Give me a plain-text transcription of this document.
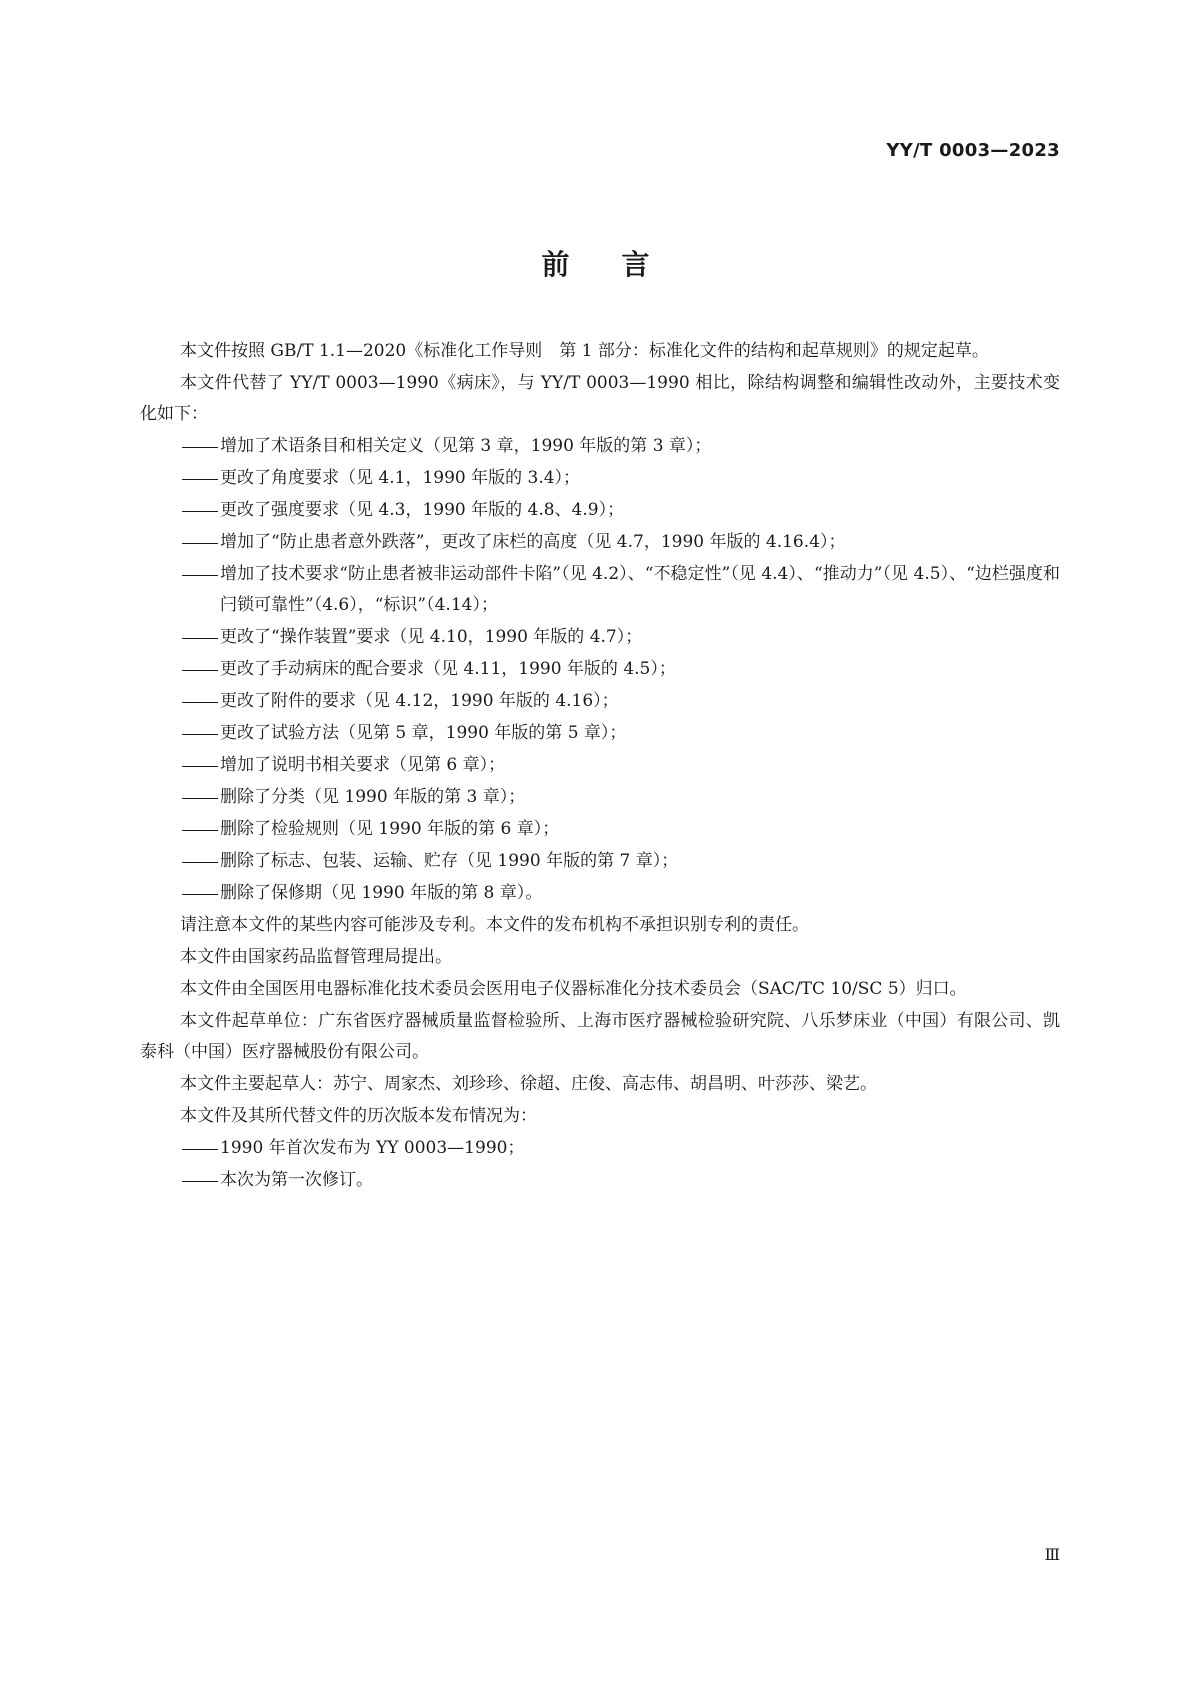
YY/T 0003—2023
前言

本文件按照 GB/T 1.1—2020《标准化工作导则　第 1 部分：标准化文件的结构和起草规则》的规定起草。

本文件代替了 YY/T 0003—1990《病床》，与 YY/T 0003—1990 相比，除结构调整和编辑性改动外，主要技术变化如下：

增加了术语条目和相关定义（见第 3 章，1990 年版的第 3 章）；

更改了角度要求（见 4.1，1990 年版的 3.4）；

更改了强度要求（见 4.3，1990 年版的 4.8、4.9）；

增加了“防止患者意外跌落”，更改了床栏的高度（见 4.7，1990 年版的 4.16.4）；

增加了技术要求“防止患者被非运动部件卡陷”（见 4.2）、“不稳定性”（见 4.4）、“推动力”（见 4.5）、“边栏强度和闩锁可靠性”（4.6），“标识”（4.14）；

更改了“操作装置”要求（见 4.10，1990 年版的 4.7）；

更改了手动病床的配合要求（见 4.11，1990 年版的 4.5）；

更改了附件的要求（见 4.12，1990 年版的 4.16）；

更改了试验方法（见第 5 章，1990 年版的第 5 章）；

增加了说明书相关要求（见第 6 章）；

删除了分类（见 1990 年版的第 3 章）；

删除了检验规则（见 1990 年版的第 6 章）；

删除了标志、包装、运输、贮存（见 1990 年版的第 7 章）；

删除了保修期（见 1990 年版的第 8 章）。

请注意本文件的某些内容可能涉及专利。本文件的发布机构不承担识别专利的责任。

本文件由国家药品监督管理局提出。

本文件由全国医用电器标准化技术委员会医用电子仪器标准化分技术委员会（SAC/TC 10/SC 5）归口。

本文件起草单位：广东省医疗器械质量监督检验所、上海市医疗器械检验研究院、八乐梦床业（中国）有限公司、凯泰科（中国）医疗器械股份有限公司。

本文件主要起草人：苏宁、周家杰、刘珍珍、徐超、庄俊、高志伟、胡昌明、叶莎莎、梁艺。

本文件及其所代替文件的历次版本发布情况为：

1990 年首次发布为 YY 0003—1990；

本次为第一次修订。

Ⅲ
